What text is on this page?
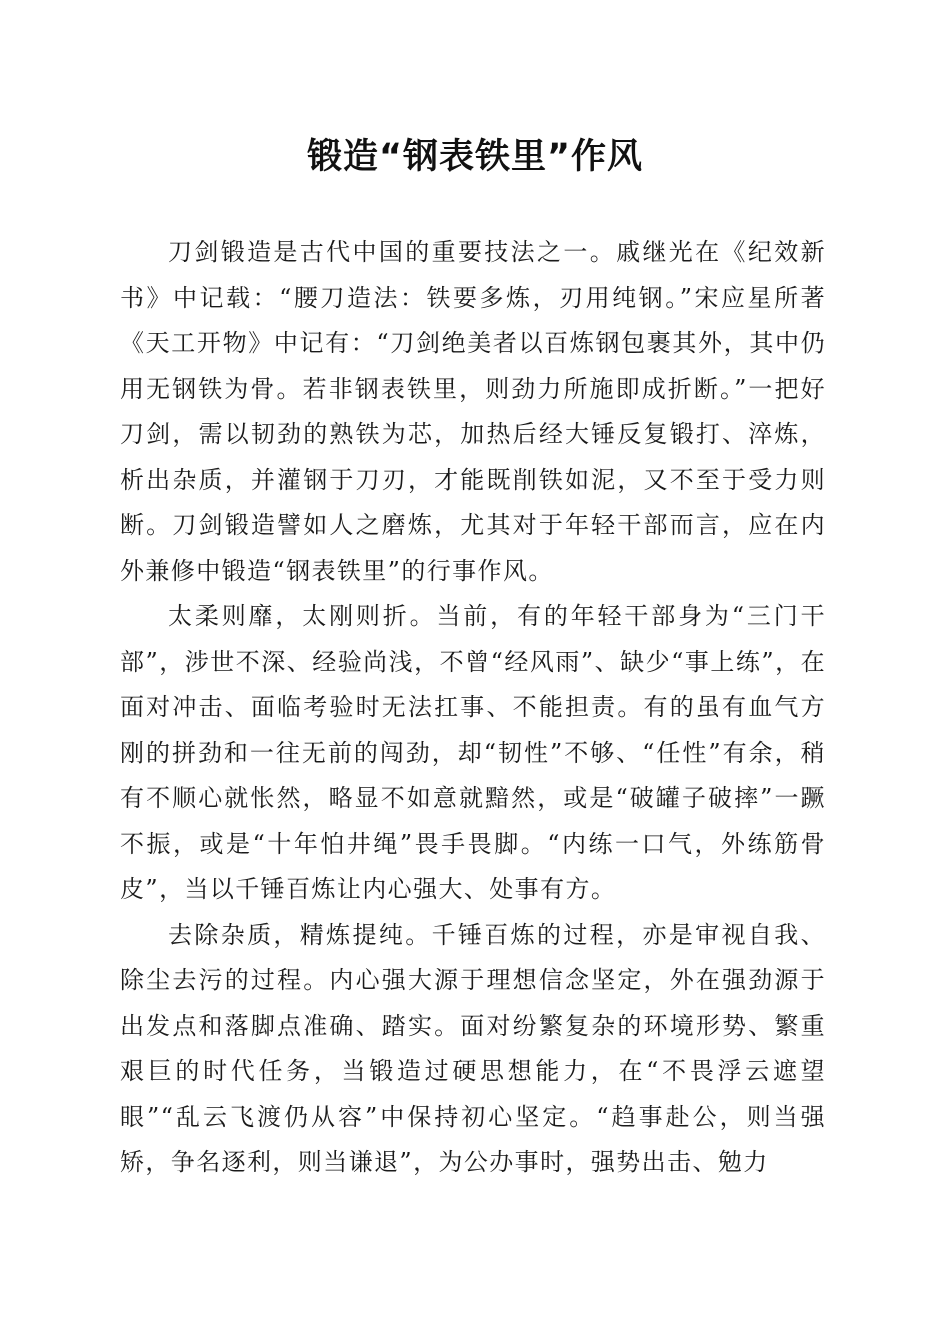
锻造“钢表铁里”作风

刀剑锻造是古代中国的重要技法之一。戚继光在《纪效新书》中记载：“腰刀造法：铁要多炼，刃用纯钢。”宋应星所著《天工开物》中记有：“刀剑绝美者以百炼钢包裹其外，其中仍用无钢铁为骨。若非钢表铁里，则劲力所施即成折断。”一把好刀剑，需以韧劲的熟铁为芯，加热后经大锤反复锻打、淬炼，析出杂质，并灌钢于刀刃，才能既削铁如泥，又不至于受力则断。刀剑锻造譬如人之磨炼，尤其对于年轻干部而言，应在内外兼修中锻造“钢表铁里”的行事作风。

太柔则靡，太刚则折。当前，有的年轻干部身为“三门干部”，涉世不深、经验尚浅，不曾“经风雨”、缺少“事上练”，在面对冲击、面临考验时无法扛事、不能担责。有的虽有血气方刚的拼劲和一往无前的闯劲，却“韧性”不够、“任性”有余，稍有不顺心就怅然，略显不如意就黯然，或是“破罐子破摔”一蹶不振，或是“十年怕井绳”畏手畏脚。“内练一口气，外练筋骨皮”，当以千锤百炼让内心强大、处事有方。

去除杂质，精炼提纯。千锤百炼的过程，亦是审视自我、除尘去污的过程。内心强大源于理想信念坚定，外在强劲源于出发点和落脚点准确、踏实。面对纷繁复杂的环境形势、繁重艰巨的时代任务，当锻造过硬思想能力，在“不畏浮云遮望眼”“乱云飞渡仍从容”中保持初心坚定。“趋事赴公，则当强矫，争名逐利，则当谦退”，为公办事时，强势出击、勉力
